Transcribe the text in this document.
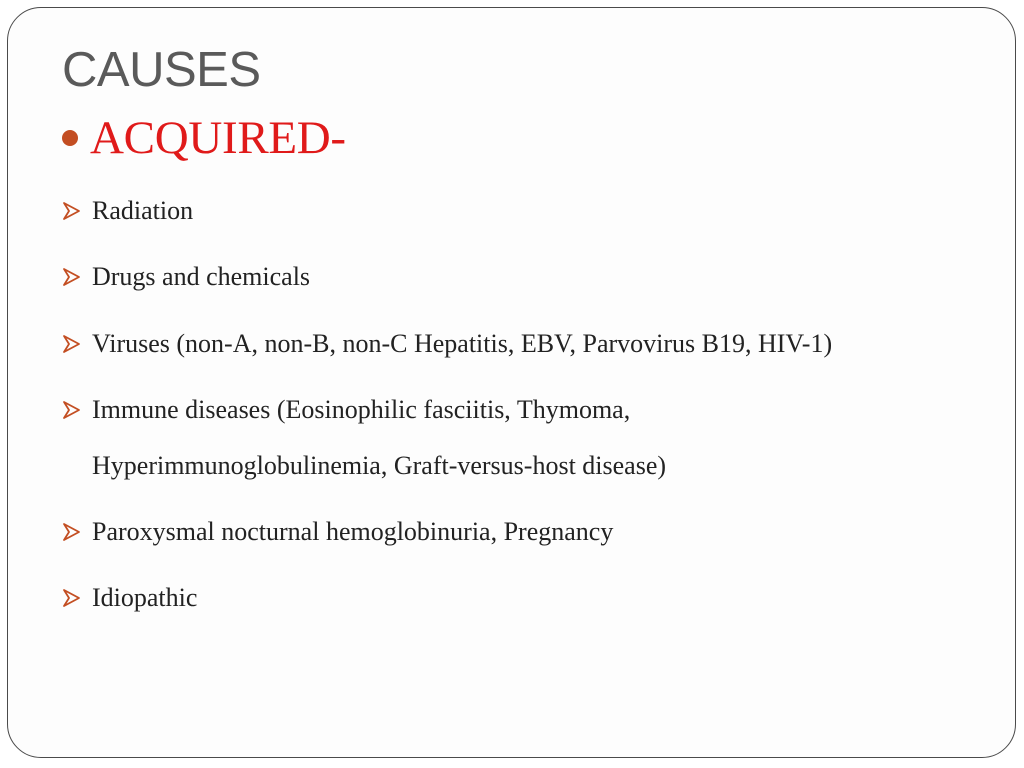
CAUSES
ACQUIRED-
Radiation
Drugs and chemicals
Viruses (non-A, non-B, non-C Hepatitis, EBV, Parvovirus B19, HIV-1)
Immune diseases (Eosinophilic fasciitis, Thymoma,
Hyperimmunoglobulinemia, Graft-versus-host disease)
Paroxysmal nocturnal hemoglobinuria, Pregnancy
Idiopathic
